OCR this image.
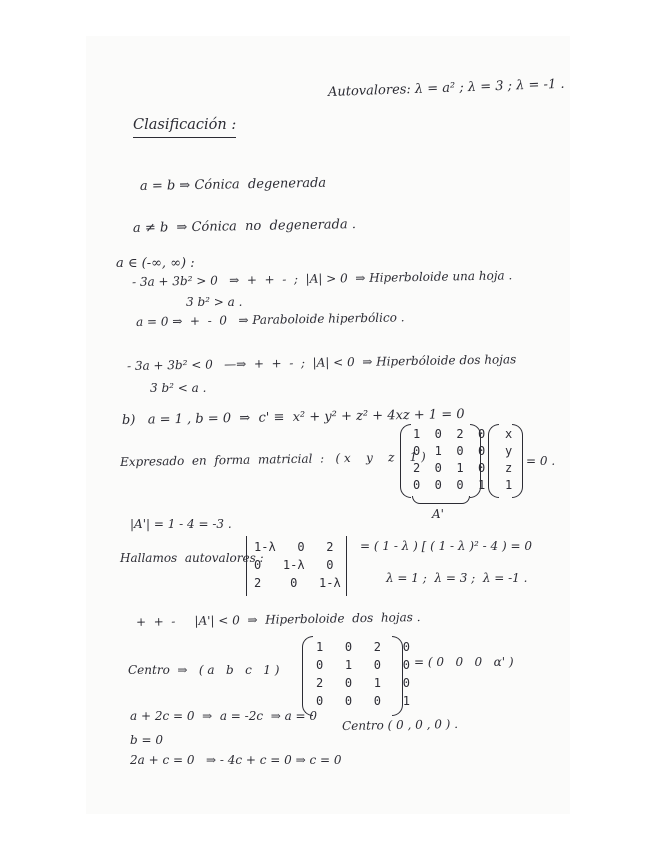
Autovalores: λ = a² ; λ = 3 ; λ = -1 .
Clasificación :
a = b ⇒ Cónica  degenerada
a ≠ b  ⇒ Cónica  no  degenerada .
a ∈ (-∞, ∞) :
- 3a + 3b² > 0   ⇒  +  +  -  ;  |A| > 0  ⇒ Hiperboloide una hoja .
3 b² > a .
a = 0 ⇒  +  -  0   ⇒ Paraboloide hiperbólico .
- 3a + 3b² < 0   —⇒  +  +  -  ;  |A| < 0  ⇒ Hiperbóloide dos hojas
3 b² < a .
b)   a = 1 , b = 0  ⇒  c' ≡  x² + y² + z² + 4xz + 1 = 0
Expresado  en  forma  matricial  :   ( x    y    z    1 )
1  0  2  0
0  1  0  0
2  0  1  0
0  0  0  1
A'
x
y
z
1
= 0 .
|A'| = 1 - 4 = -3 .
Hallamos  autovalores :
1-λ   0   2
0   1-λ   0
2    0   1-λ
= ( 1 - λ ) [ ( 1 - λ )² - 4 ) = 0
λ = 1 ;  λ = 3 ;  λ = -1 .
+  +  -     |A'| < 0  ⇒  Hiperboloide  dos  hojas .
Centro  ⇒   ( a   b   c   1 )
1   0   2   0
0   1   0   0
2   0   1   0
0   0   0   1
= ( 0   0   0   α' )
a + 2c = 0  ⇒  a = -2c  ⇒ a = 0
b = 0
2a + c = 0   ⇒ - 4c + c = 0 ⇒ c = 0
Centro ( 0 , 0 , 0 ) .
